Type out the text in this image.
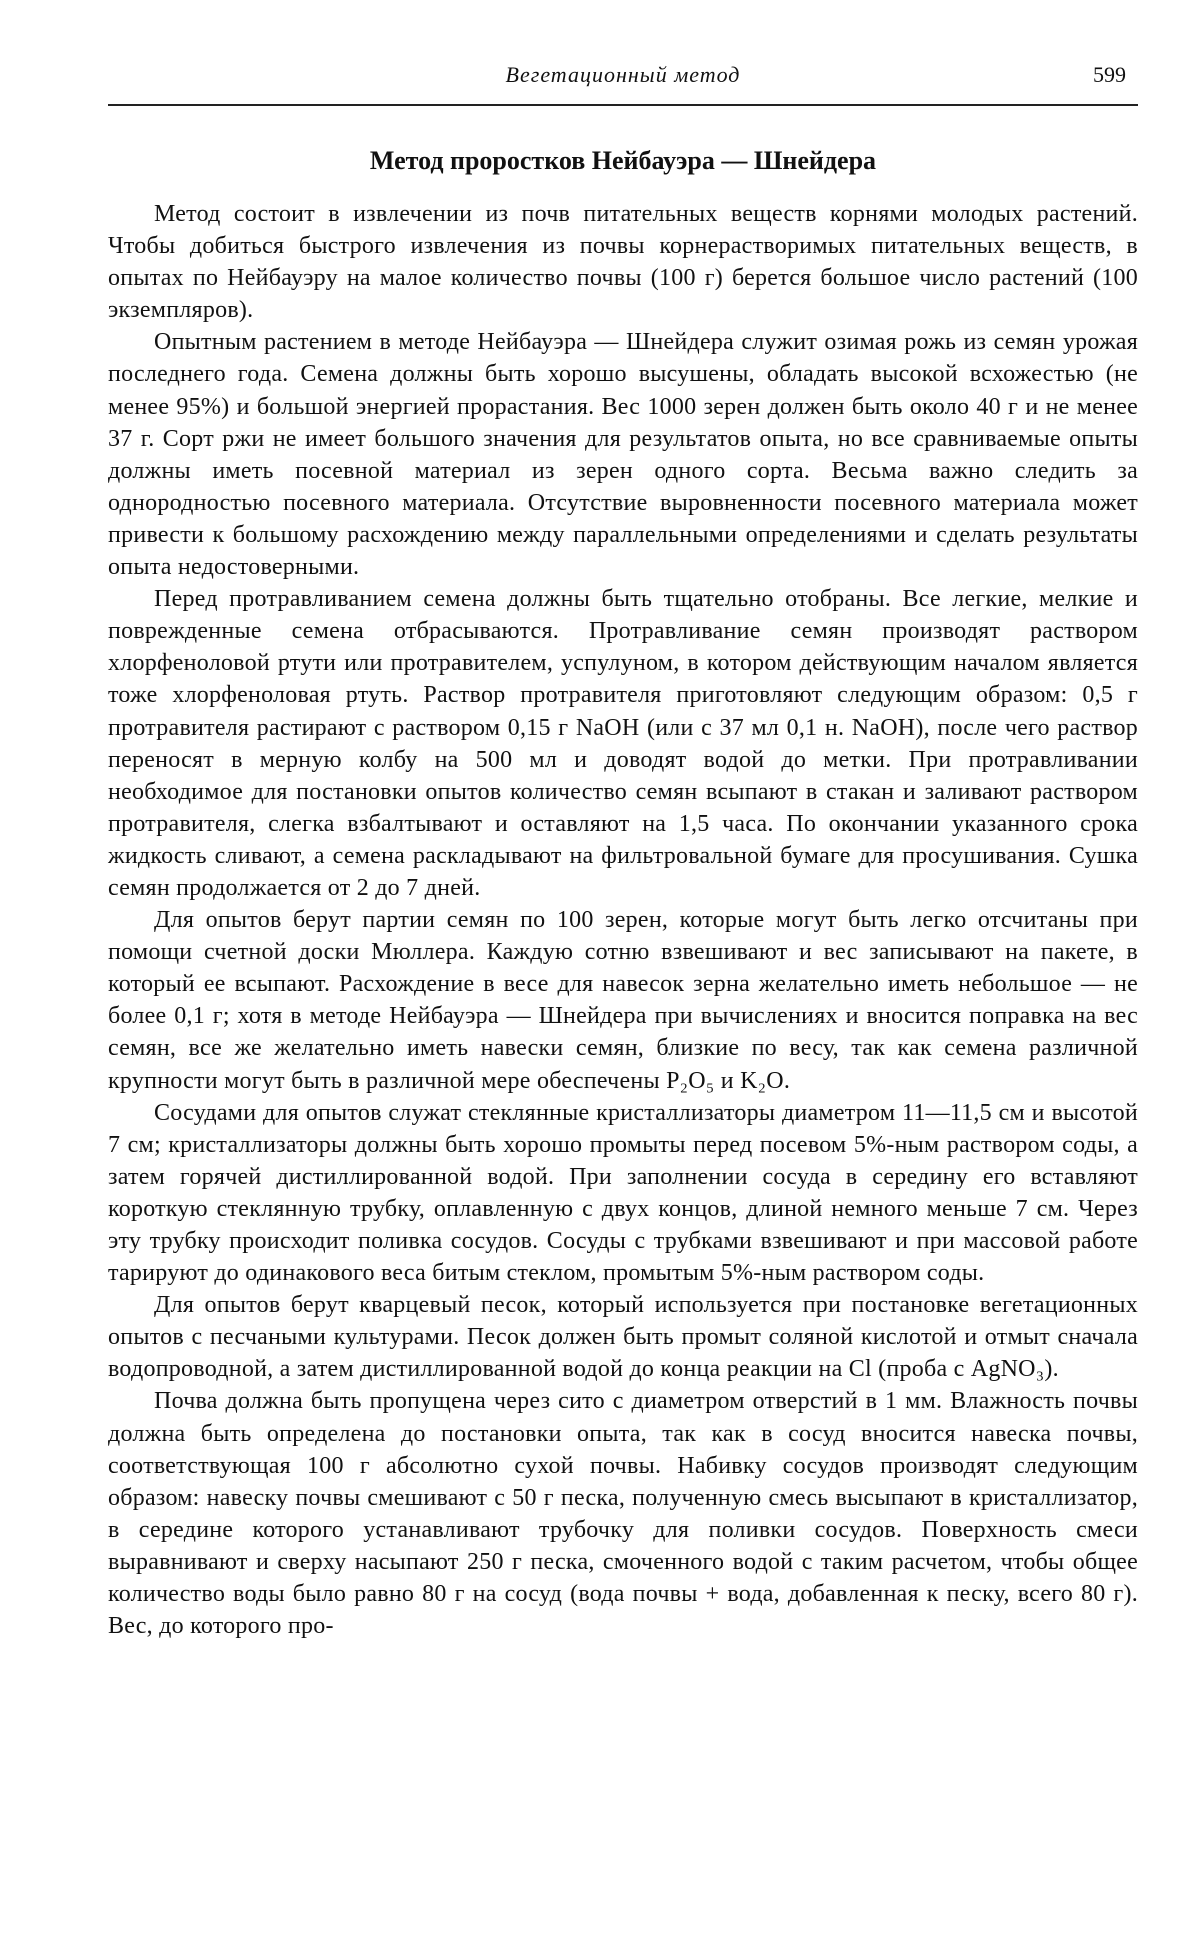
Вегетационный метод	599
Метод проростков Нейбауэра — Шнейдера

Метод состоит в извлечении из почв питательных веществ корнями молодых растений. Чтобы добиться быстрого извлечения из почвы корнерастворимых питательных веществ, в опытах по Нейбауэру на малое количество почвы (100 г) берется большое число растений (100 экземпляров).

Опытным растением в методе Нейбауэра — Шнейдера служит озимая рожь из семян урожая последнего года. Семена должны быть хорошо высушены, обладать высокой всхожестью (не менее 95%) и большой энергией прорастания. Вес 1000 зерен должен быть около 40 г и не менее 37 г. Сорт ржи не имеет большого значения для результатов опыта, но все сравниваемые опыты должны иметь посевной материал из зерен одного сорта. Весьма важно следить за однородностью посевного материала. Отсутствие выровненности посевного материала может привести к большому расхождению между параллельными определениями и сделать результаты опыта недостоверными.

Перед протравливанием семена должны быть тщательно отобраны. Все легкие, мелкие и поврежденные семена отбрасываются. Протравливание семян производят раствором хлорфеноловой ртути или протравителем, успулуном, в котором действующим началом является тоже хлорфеноловая ртуть. Раствор протравителя приготовляют следующим образом: 0,5 г протравителя растирают с раствором 0,15 г NaOH (или с 37 мл 0,1 н. NaOH), после чего раствор переносят в мерную колбу на 500 мл и доводят водой до метки. При протравливании необходимое для постановки опытов количество семян всыпают в стакан и заливают раствором протравителя, слегка взбалтывают и оставляют на 1,5 часа. По окончании указанного срока жидкость сливают, а семена раскладывают на фильтровальной бумаге для просушивания. Сушка семян продолжается от 2 до 7 дней.

Для опытов берут партии семян по 100 зерен, которые могут быть легко отсчитаны при помощи счетной доски Мюллера. Каждую сотню взвешивают и вес записывают на пакете, в который ее всыпают. Расхождение в весе для навесок зерна желательно иметь небольшое — не более 0,1 г; хотя в методе Нейбауэра — Шнейдера при вычислениях и вносится поправка на вес семян, все же желательно иметь навески семян, близкие по весу, так как семена различной крупности могут быть в различной мере обеспечены P₂O₅ и K₂O.

Сосудами для опытов служат стеклянные кристаллизаторы диаметром 11—11,5 см и высотой 7 см; кристаллизаторы должны быть хорошо промыты перед посевом 5%-ным раствором соды, а затем горячей дистиллированной водой. При заполнении сосуда в середину его вставляют короткую стеклянную трубку, оплавленную с двух концов, длиной немного меньше 7 см. Через эту трубку происходит поливка сосудов. Сосуды с трубками взвешивают и при массовой работе тарируют до одинакового веса битым стеклом, промытым 5%-ным раствором соды.

Для опытов берут кварцевый песок, который используется при постановке вегетационных опытов с песчаными культурами. Песок должен быть промыт соляной кислотой и отмыт сначала водопроводной, а затем дистиллированной водой до конца реакции на Cl (проба с AgNO₃).

Почва должна быть пропущена через сито с диаметром отверстий в 1 мм. Влажность почвы должна быть определена до постановки опыта, так как в сосуд вносится навеска почвы, соответствующая 100 г абсолютно сухой почвы. Набивку сосудов производят следующим образом: навеску почвы смешивают с 50 г песка, полученную смесь высыпают в кристаллизатор, в середине которого устанавливают трубочку для поливки сосудов. Поверхность смеси выравнивают и сверху насыпают 250 г песка, смоченного водой с таким расчетом, чтобы общее количество воды было равно 80 г на сосуд (вода почвы + вода, добавленная к песку, всего 80 г). Вес, до которого про-
